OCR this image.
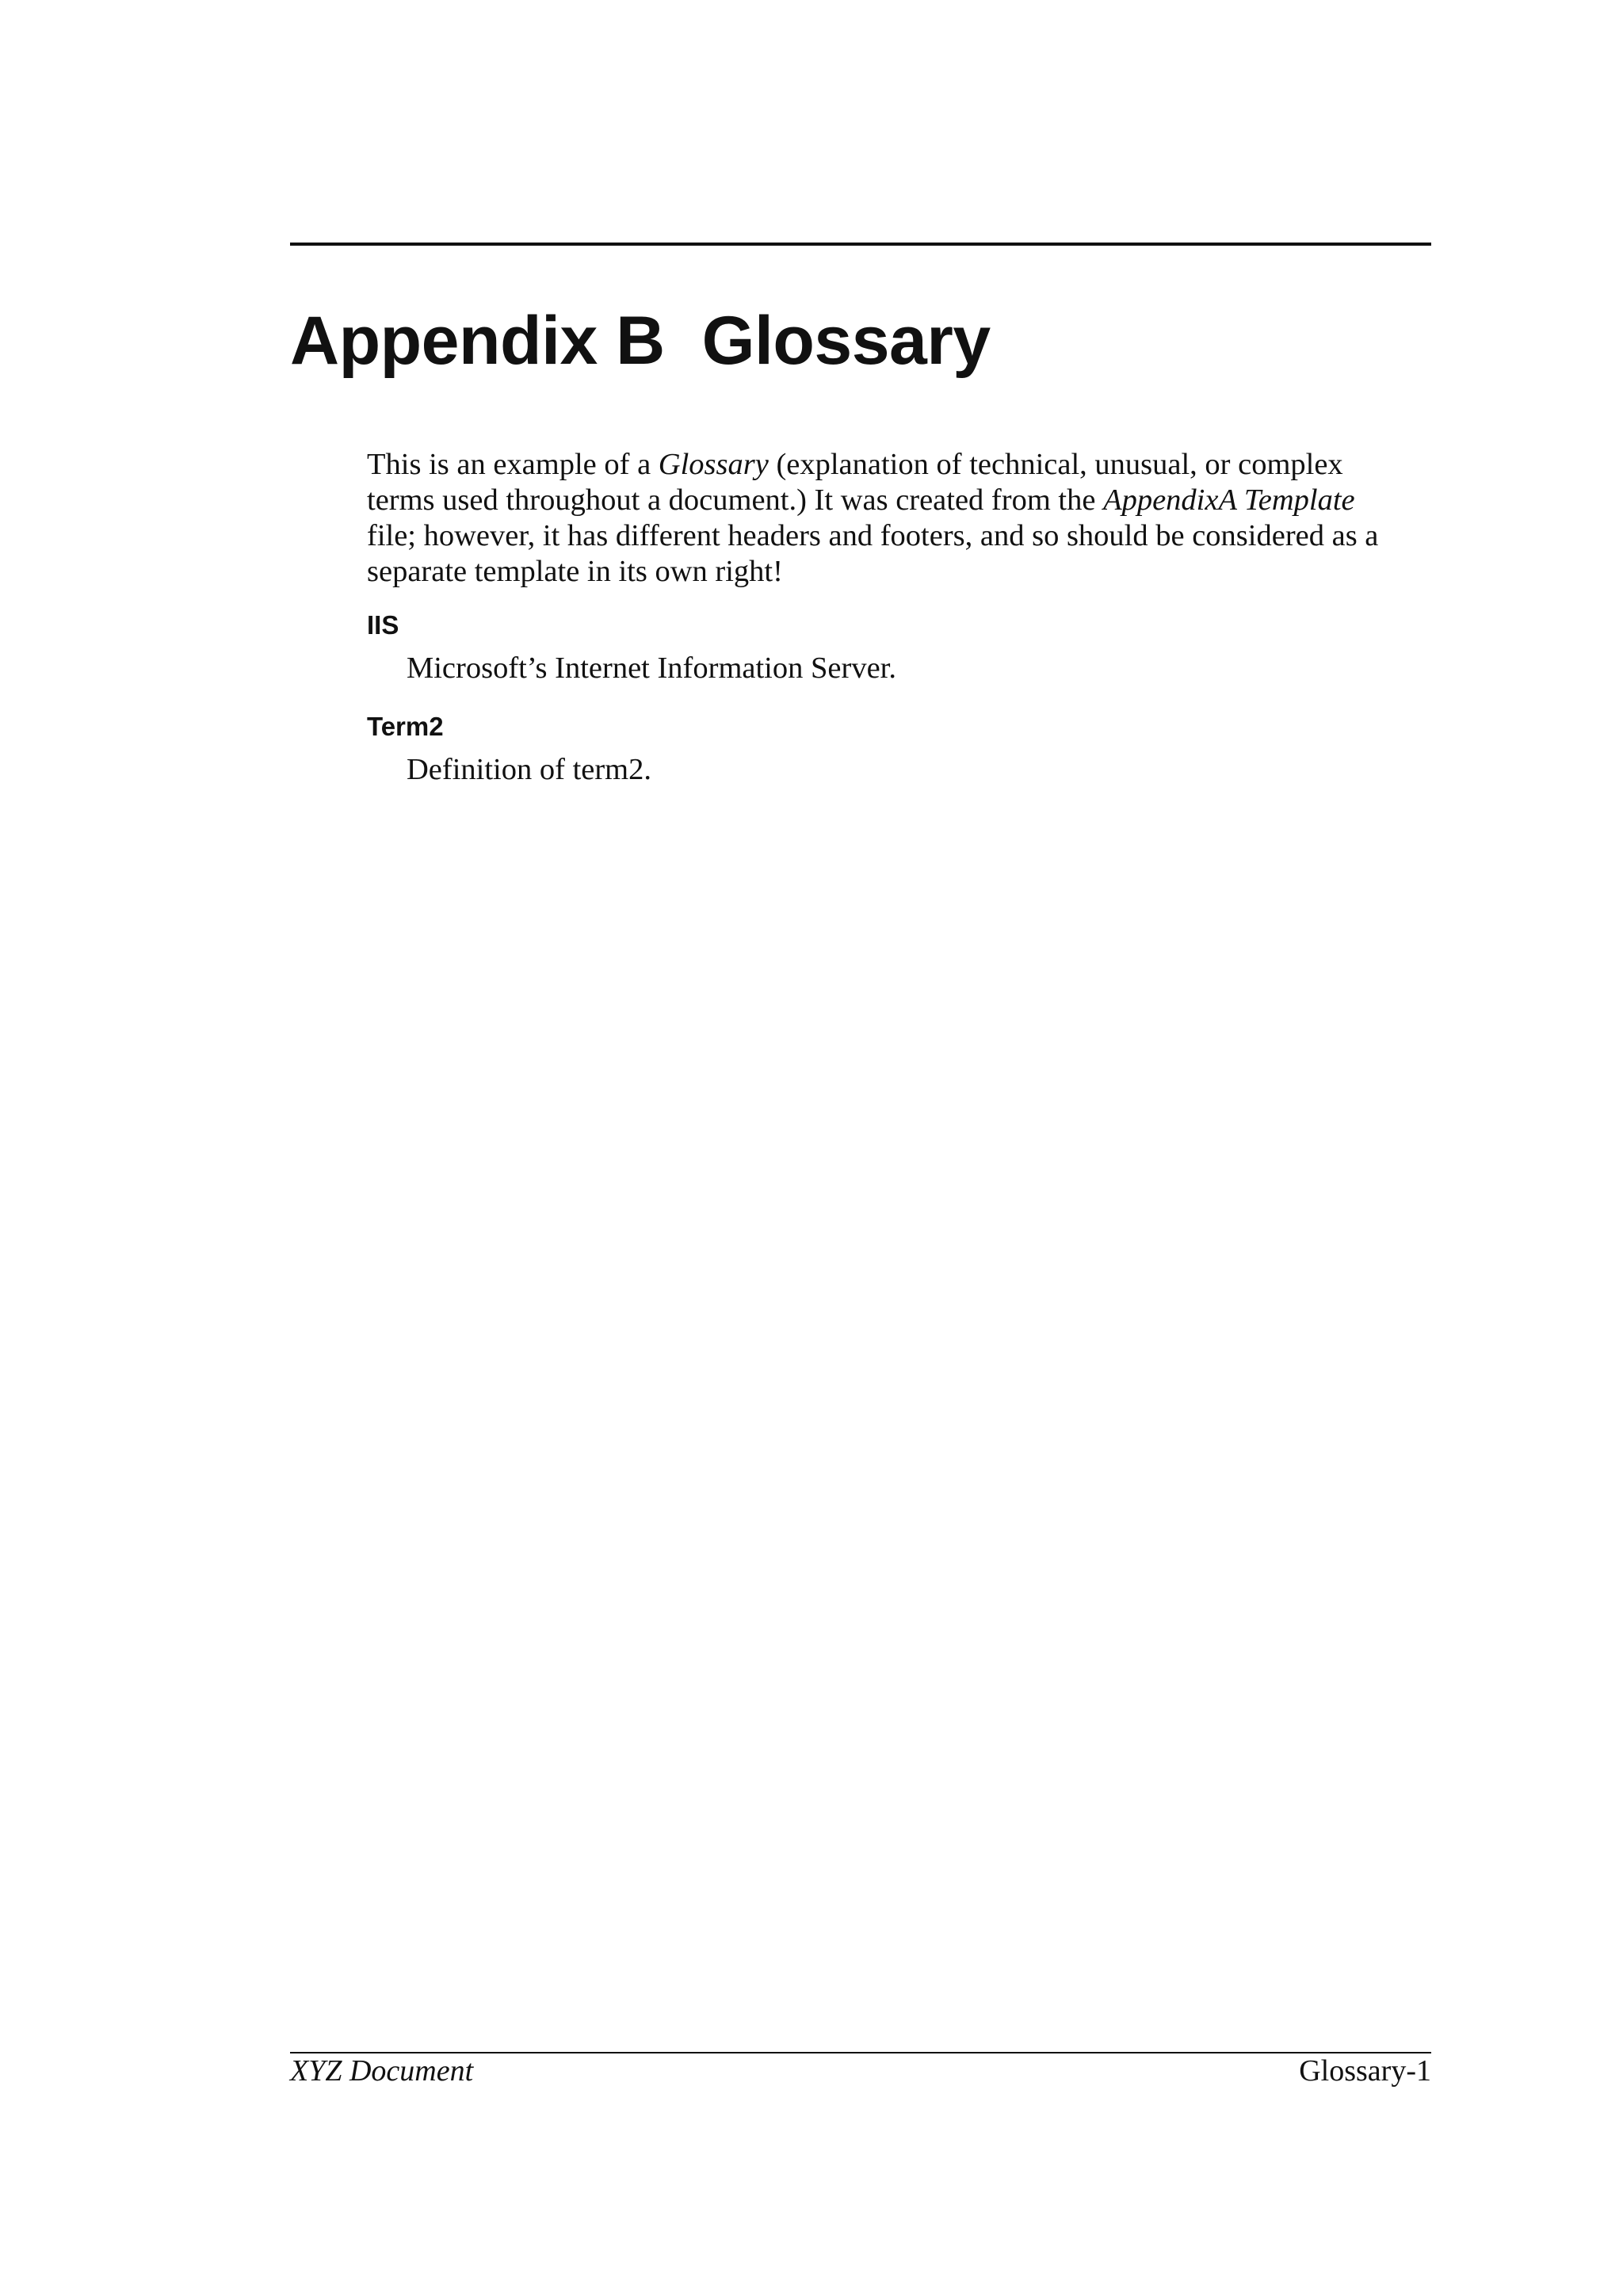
Appendix B  Glossary

This is an example of a Glossary (explanation of technical, unusual, or complex terms used throughout a document.) It was created from the AppendixA Template file; however, it has different headers and footers, and so should be considered as a separate template in its own right!

IIS
Microsoft’s Internet Information Server.
Term2
Definition of term2.
XYZ Document	Glossary-1
